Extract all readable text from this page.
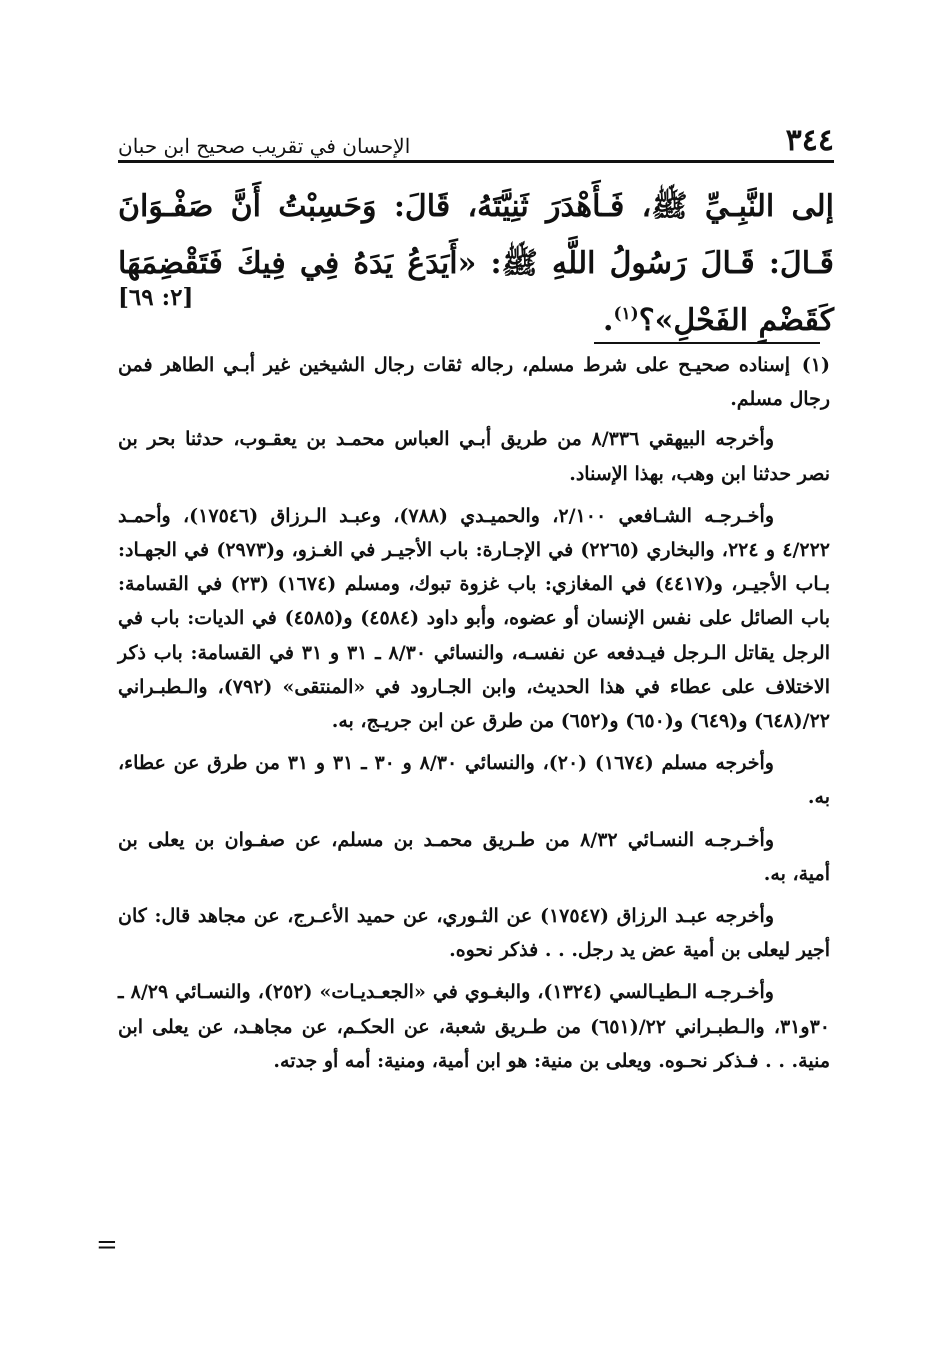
٣٤٤
الإحسان في تقريب صحيح ابن حبان

إلى النَّبِـيِّ ﷺ، فَـأَهْدَرَ ثَنِيَّتَهُ، قَالَ: وَحَسِبْتُ أَنَّ صَفْـوَانَ قَـالَ: قَـالَ رَسُولُ اللَّهِ ﷺ: «أَيَدَعُ يَدَهُ فِي فِيكَ فَتَقْضِمَهَا كَقَضْمِ الفَحْلِ»؟$^{(١)}$.

[٢: ٦٩]

(١)إسناده صحيـح على شرط مسلم، رجاله ثقات رجال الشيخين غير أبـي الطاهر فمن رجال مسلم.

وأخرجه البيهقي ٨/٣٣٦ من طريق أبـي العباس محمـد بن يعقـوب، حدثنا بحر بن نصر حدثنا ابن وهب، بهذا الإسناد.

وأخـرجـه الشـافعي ٢/١٠٠، والحميـدي (٧٨٨)، وعبـد الـرزاق (١٧٥٤٦)، وأحمـد ٤/٢٢٢ و ٢٢٤، والبخاري (٢٢٦٥) في الإجـارة: باب الأجيـر في الغـزو، و(٢٩٧٣) في الجهـاد: بـاب الأجيـر، و(٤٤١٧) في المغازي: باب غزوة تبوك، ومسلم (١٦٧٤) (٢٣) في القسامة: باب الصائل على نفس الإنسان أو عضوه، وأبو داود (٤٥٨٤) و(٤٥٨٥) في الديات: باب في الرجل يقاتل الـرجل فيـدفعه عن نفسـه، والنسائي ٨/٣٠ ـ ٣١ و ٣١ في القسامة: باب ذكر الاختلاف على عطاء في هذا الحديث، وابن الجـارود في «المنتقى» (٧٩٢)، والـطبـراني ٢٢/(٦٤٨) و(٦٤٩) و(٦٥٠) و(٦٥٢) من طرق عن ابن جريـج، به.

وأخرجه مسلم (١٦٧٤) (٢٠)، والنسائي ٨/٣٠ و ٣٠ ـ ٣١ و ٣١ من طرق عن عطاء، به.

وأخـرجـه النسـائي ٨/٣٢ من طـريق محمـد بن مسلم، عن صفـوان بن يعلى بن أمية، به.

وأخرجه عبـد الرزاق (١٧٥٤٧) عن الثـوري، عن حميد الأعـرج، عن مجاهد قال: كان أجير ليعلى بن أمية عض يد رجل. . . فذكر نحوه.

وأخـرجـه الـطيـالسي (١٣٢٤)، والبغـوي في «الجعـديـات» (٢٥٢)، والنسـائي ٨/٢٩ ـ ٣٠و٣١، والـطبـراني ٢٢/(٦٥١) من طـريق شعبة، عن الحكـم، عن مجاهـد، عن يعلى ابن منية. . . فـذكر نحـوه. ويعلى بن منية: هو ابن أمية، ومنية: أمه أو جدته.

=
